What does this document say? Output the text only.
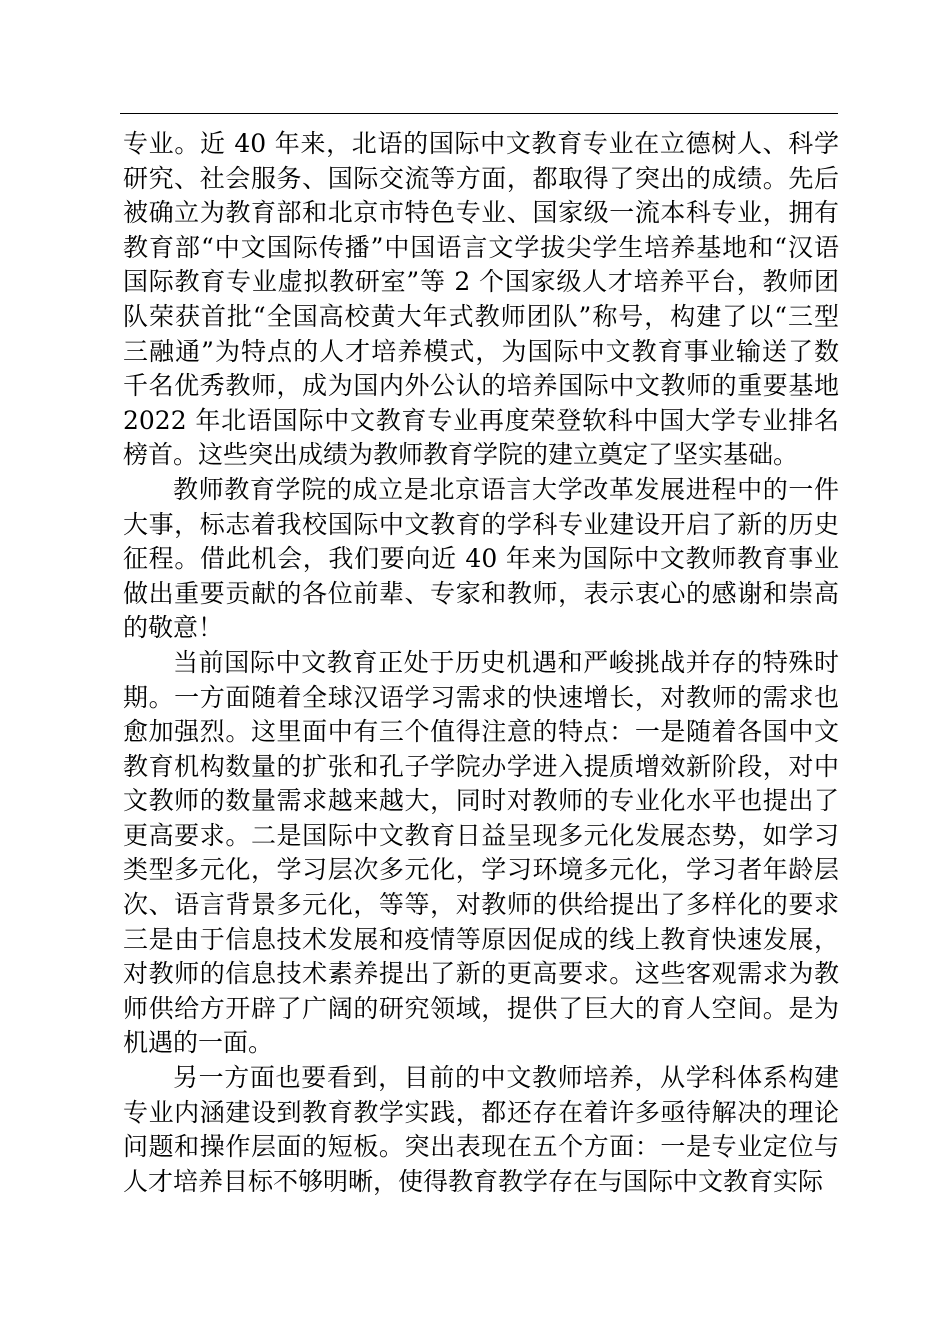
专业。近 40 年来，北语的国际中文教育专业在立德树人、科学
研究、社会服务、国际交流等方面，都取得了突出的成绩。先后
被确立为教育部和北京市特色专业、国家级一流本科专业，拥有
教育部“中文国际传播”中国语言文学拔尖学生培养基地和“汉语
国际教育专业虚拟教研室”等 2 个国家级人才培养平台，教师团
队荣获首批“全国高校黄大年式教师团队”称号，构建了以“三型
三融通”为特点的人才培养模式，为国际中文教育事业输送了数
千名优秀教师，成为国内外公认的培养国际中文教师的重要基地
2022 年北语国际中文教育专业再度荣登软科中国大学专业排名
榜首。这些突出成绩为教师教育学院的建立奠定了坚实基础。
教师教育学院的成立是北京语言大学改革发展进程中的一件
大事，标志着我校国际中文教育的学科专业建设开启了新的历史
征程。借此机会，我们要向近 40 年来为国际中文教师教育事业
做出重要贡献的各位前辈、专家和教师，表示衷心的感谢和崇高
的敬意！
当前国际中文教育正处于历史机遇和严峻挑战并存的特殊时
期。一方面随着全球汉语学习需求的快速增长，对教师的需求也
愈加强烈。这里面中有三个值得注意的特点：一是随着各国中文
教育机构数量的扩张和孔子学院办学进入提质增效新阶段，对中
文教师的数量需求越来越大，同时对教师的专业化水平也提出了
更高要求。二是国际中文教育日益呈现多元化发展态势，如学习
类型多元化，学习层次多元化，学习环境多元化，学习者年龄层
次、语言背景多元化，等等，对教师的供给提出了多样化的要求
三是由于信息技术发展和疫情等原因促成的线上教育快速发展，
对教师的信息技术素养提出了新的更高要求。这些客观需求为教
师供给方开辟了广阔的研究领域，提供了巨大的育人空间。是为
机遇的一面。
另一方面也要看到，目前的中文教师培养，从学科体系构建
专业内涵建设到教育教学实践，都还存在着许多亟待解决的理论
问题和操作层面的短板。突出表现在五个方面：一是专业定位与
人才培养目标不够明晰，使得教育教学存在与国际中文教育实际
